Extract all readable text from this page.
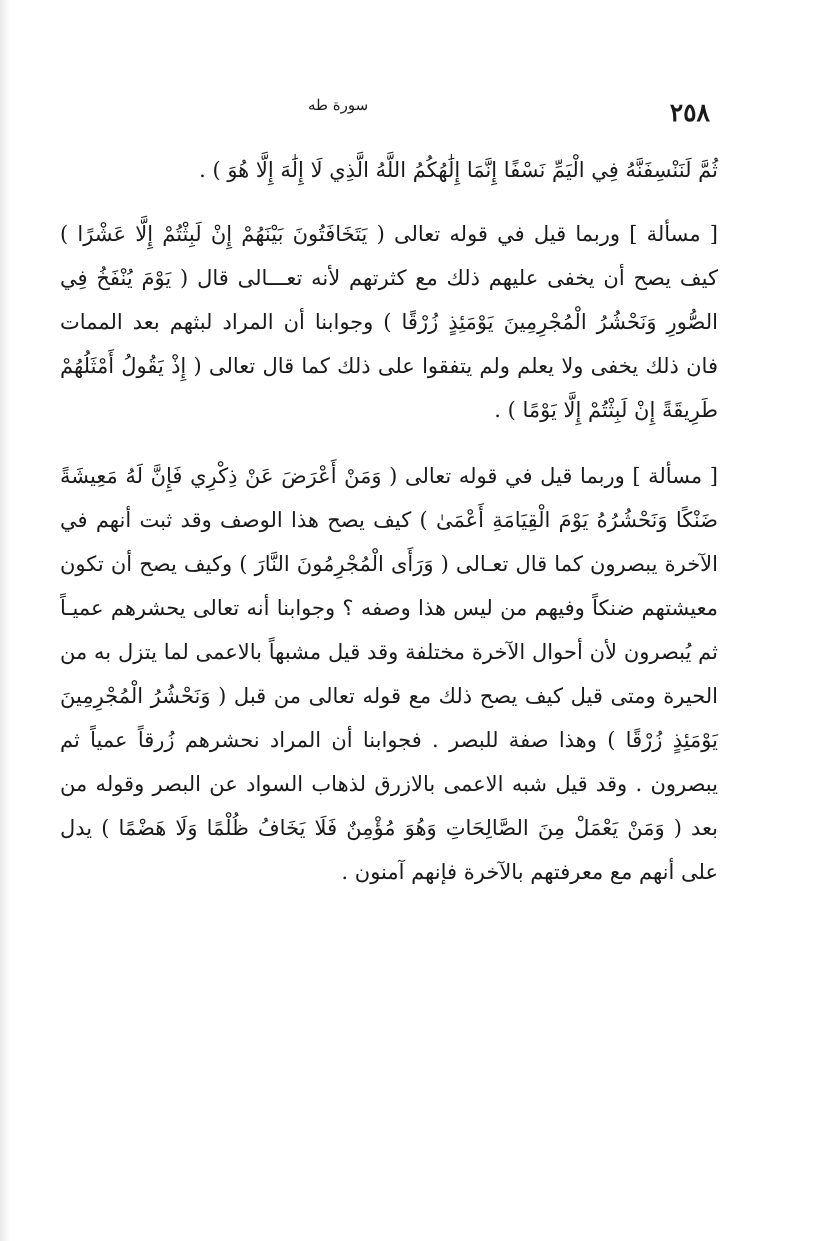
سورة طه	٢٥٨

ثُمَّ لَنَنْسِفَنَّهُ فِي الْيَمِّ نَسْفًا إِنَّمَا إِلَٰهُكُمُ اللَّهُ الَّذِي لَا إِلَٰهَ إِلَّا هُوَ ) .

[ مسألة ] وربما قيل في قوله تعالى ( يَتَخَافَتُونَ بَيْنَهُمْ إِنْ لَبِثْتُمْ إِلَّا عَشْرًا ) كيف يصح أن يخفى عليهم ذلك مع كثرتهم لأنه تعـــالى قال ( يَوْمَ يُنْفَخُ فِي الصُّورِ وَنَحْشُرُ الْمُجْرِمِينَ يَوْمَئِذٍ زُرْقًا ) وجوابنا أن المراد لبثهم بعد الممات فان ذلك يخفى ولا يعلم ولم يتفقوا على ذلك كما قال تعالى ( إِذْ يَقُولُ أَمْثَلُهُمْ طَرِيقَةً إِنْ لَبِثْتُمْ إِلَّا يَوْمًا ) .

[ مسألة ] وربما قيل في قوله تعالى ( وَمَنْ أَعْرَضَ عَنْ ذِكْرِي فَإِنَّ لَهُ مَعِيشَةً ضَنْكًا وَنَحْشُرُهُ يَوْمَ الْقِيَامَةِ أَعْمَىٰ ) كيف يصح هذا الوصف وقد ثبت أنهم في الآخرة يبصرون كما قال تعـالى ( وَرَأَى الْمُجْرِمُونَ النَّارَ ) وكيف يصح أن تكون معيشتهم ضنكاً وفيهم من ليس هذا وصفه ؟ وجوابنا أنه تعالى يحشرهم عميـاً ثم يُبصرون لأن أحوال الآخرة مختلفة وقد قيل مشبهاً بالاعمى لما يتزل به من الحيرة ومتى قيل كيف يصح ذلك مع قوله تعالى من قبل ( وَنَحْشُرُ الْمُجْرِمِينَ يَوْمَئِذٍ زُرْقًا ) وهذا صفة للبصر . فجوابنا أن المراد نحشرهم زُرقاً عمياً ثم يبصرون . وقد قيل شبه الاعمى بالازرق لذهاب السواد عن البصر وقوله من بعد ( وَمَنْ يَعْمَلْ مِنَ الصَّالِحَاتِ وَهُوَ مُؤْمِنٌ فَلَا يَخَافُ ظُلْمًا وَلَا هَضْمًا ) يدل على أنهم مع معرفتهم بالآخرة فإنهم آمنون .
